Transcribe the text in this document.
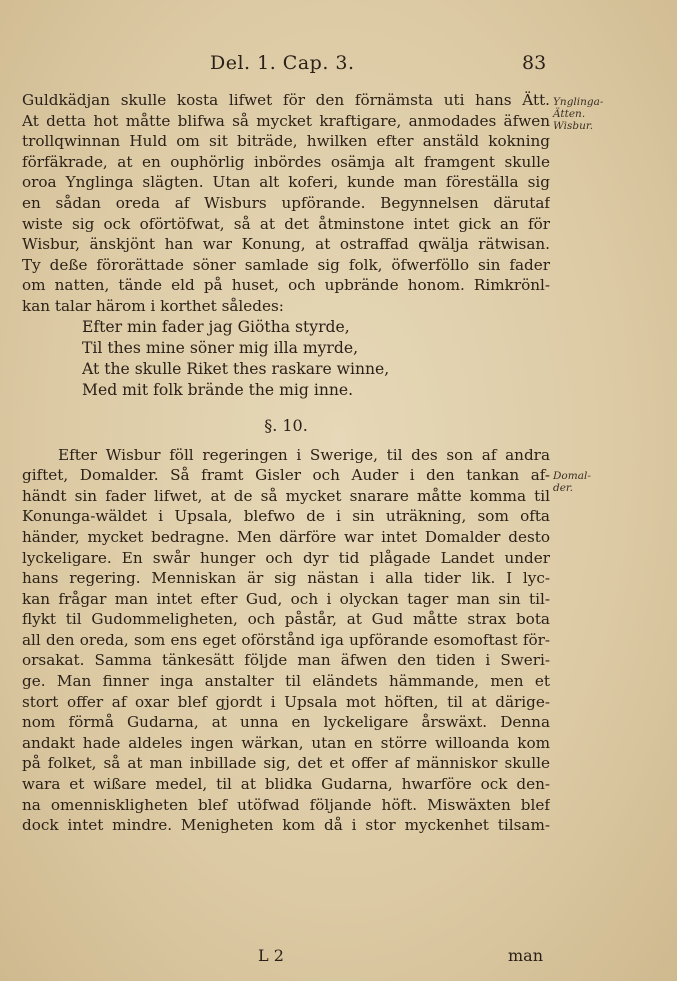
Del. 1. Cap. 3.	83
Ynglinga-
Ätten.
Wisbur.
Domal-
der.
Guldkädjan skulle kosta lifwet för den förnämsta uti hans Ätt.
At detta hot måtte blifwa så mycket kraftigare, anmodades äfwen
trollqwinnan Huld om sit biträde, hwilken efter anstäld kokning
förfäkrade, at en ouphörlig inbördes osämja alt framgent skulle
oroa Ynglinga slägten. Utan alt koferi, kunde man föreställa sig
en sådan oreda af Wisburs upförande. Begynnelsen därutaf
wiste sig ock oförtöfwat, så at det åtminstone intet gick an för
Wisbur, änskjönt han war Konung, at ostraffad qwälja rätwisan.
Ty deße förorättade söner samlade sig folk, öfwerföllo sin fader
om natten, tände eld på huset, och upbrände honom. Rimkrönl-
kan talar härom i korthet således:
Efter min fader jag Giötha styrde,
Til thes mine söner mig illa myrde,
At the skulle Riket thes raskare winne,
Med mit folk brände the mig inne.
§. 10.
Efter Wisbur föll regeringen i Swerige, til des son af andra
giftet, Domalder. Så framt Gisler och Auder i den tankan af-
händt sin fader lifwet, at de så mycket snarare måtte komma til
Konunga-wäldet i Upsala, blefwo de i sin uträkning, som ofta
händer, mycket bedragne. Men därföre war intet Domalder desto
lyckeligare. En swår hunger och dyr tid plågade Landet under
hans regering. Menniskan är sig nästan i alla tider lik. I lyc-
kan frågar man intet efter Gud, och i olyckan tager man sin til-
flykt til Gudommeligheten, och påstår, at Gud måtte strax bota
all den oreda, som ens eget oförstånd iga upförande esomoftast för-
orsakat. Samma tänkesätt följde man äfwen den tiden i Sweri-
ge. Man finner inga anstalter til eländets hämmande, men et
stort offer af oxar blef gjordt i Upsala mot höften, til at därige-
nom förmå Gudarna, at unna en lyckeligare årswäxt. Denna
andakt hade aldeles ingen wärkan, utan en större willoanda kom
på folket, så at man inbillade sig, det et offer af människor skulle
wara et wißare medel, til at blidka Gudarna, hwarföre ock den-
na omenniskligheten blef utöfwad följande höft. Miswäxten blef
dock intet mindre. Menigheten kom då i stor myckenhet tilsam-
L 2	man
